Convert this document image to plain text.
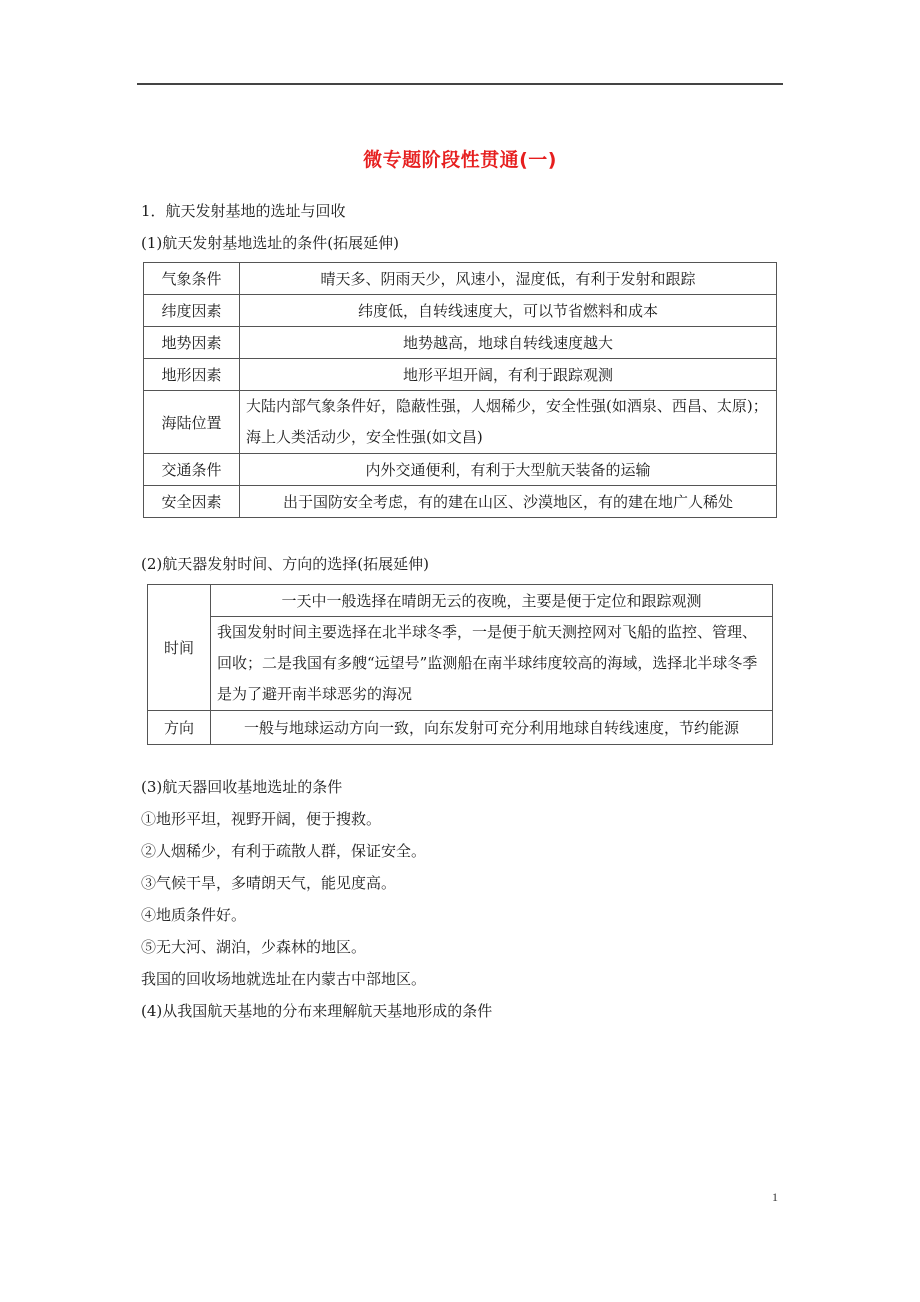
微专题阶段性贯通(一)
1．航天发射基地的选址与回收
(1)航天发射基地选址的条件(拓展延伸)
气象条件	晴天多、阴雨天少，风速小，湿度低，有利于发射和跟踪
纬度因素	纬度低，自转线速度大，可以节省燃料和成本
地势因素	地势越高，地球自转线速度越大
地形因素	地形平坦开阔，有利于跟踪观测
海陆位置	大陆内部气象条件好，隐蔽性强，人烟稀少，安全性强(如酒泉、西昌、太原)；海上人类活动少，安全性强(如文昌)
交通条件	内外交通便利，有利于大型航天装备的运输
安全因素	出于国防安全考虑，有的建在山区、沙漠地区，有的建在地广人稀处
(2)航天器发射时间、方向的选择(拓展延伸)
时间	一天中一般选择在晴朗无云的夜晚，主要是便于定位和跟踪观测
	我国发射时间主要选择在北半球冬季，一是便于航天测控网对飞船的监控、管理、回收；二是我国有多艘“远望号”监测船在南半球纬度较高的海域，选择北半球冬季是为了避开南半球恶劣的海况
方向	一般与地球运动方向一致，向东发射可充分利用地球自转线速度，节约能源
(3)航天器回收基地选址的条件
①地形平坦，视野开阔，便于搜救。
②人烟稀少，有利于疏散人群，保证安全。
③气候干旱，多晴朗天气，能见度高。
④地质条件好。
⑤无大河、湖泊，少森林的地区。
我国的回收场地就选址在内蒙古中部地区。
(4)从我国航天基地的分布来理解航天基地形成的条件
1
